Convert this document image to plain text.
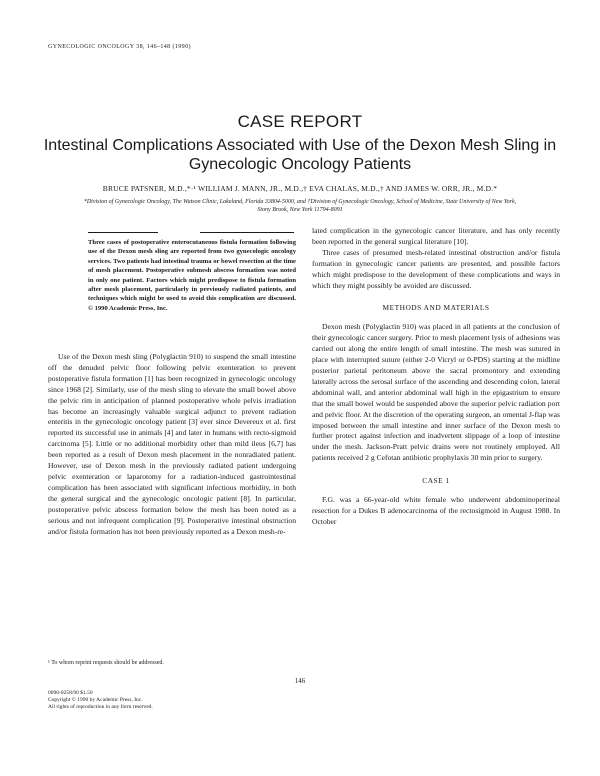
GYNECOLOGIC ONCOLOGY 38, 146–148 (1990)
CASE REPORT
Intestinal Complications Associated with Use of the Dexon Mesh Sling in Gynecologic Oncology Patients
BRUCE PATSNER, M.D.,*·¹ WILLIAM J. MANN, JR., M.D.,† EVA CHALAS, M.D.,† AND JAMES W. ORR, JR., M.D.*
*Division of Gynecologic Oncology, The Watson Clinic, Lakeland, Florida 33804-5000, and †Division of Gynecologic Oncology, School of Medicine, State University of New York, Stony Brook, New York 11794-8091

Three cases of postoperative enterocutaneous fistula formation following use of the Dexon mesh sling are reported from two gynecologic oncology services. Two patients had intestinal trauma or bowel resection at the time of mesh placement. Postoperative submesh abscess formation was noted in only one patient. Factors which might predispose to fistula formation after mesh placement, particularly in previously radiated patients, and techniques which might be used to avoid this complication are discussed. © 1990 Academic Press, Inc.

Use of the Dexon mesh sling (Polyglactin 910) to suspend the small intestine off the denuded pelvic floor following pelvic exenteration to prevent postoperative fistula formation [1] has been recognized in gynecologic oncology since 1968 [2]. Similarly, use of the mesh sling to elevate the small bowel above the pelvic rim in anticipation of planned postoperative whole pelvis irradiation has become an increasingly valuable surgical adjunct to prevent radiation enteritis in the gynecologic oncology patient [3] ever since Devereux et al. first reported its successful use in animals [4] and later in humans with recto-sigmoid carcinoma [5]. Little or no additional morbidity other than mild ileus [6,7] has been reported as a result of Dexon mesh placement in the nonradiated patient. However, use of Dexon mesh in the previously radiated patient undergoing pelvic exenteration or laparotomy for a radiation-induced gastrointestinal complication has been associated with significant infectious morbidity, in both the general surgical and the gynecologic oncologic patient [8]. In particular, postoperative pelvic abscess formation below the mesh has been noted as a serious and not infrequent complication [9]. Postoperative intestinal obstruction and/or fistula formation has not been previously reported as a Dexon mesh-re-

lated complication in the gynecologic cancer literature, and has only recently been reported in the general surgical literature [10].

Three cases of presumed mesh-related intestinal obstruction and/or fistula formation in gynecologic cancer patients are presented, and possible factors which might predispose to the development of these complications and ways in which they might possibly be avoided are discussed.

METHODS AND MATERIALS

Dexon mesh (Polyglactin 910) was placed in all patients at the conclusion of their gynecologic cancer surgery. Prior to mesh placement lysis of adhesions was carried out along the entire length of small intestine. The mesh was sutured in place with interrupted suture (either 2-0 Vicryl or 0-PDS) starting at the midline posterior parietal peritoneum above the sacral promontory and extending laterally across the serosal surface of the ascending and descending colon, lateral abdominal wall, and anterior abdominal wall high in the epigastrium to ensure that the small bowel would be suspended above the superior pelvic radiation port and pelvic floor. At the discretion of the operating surgeon, an omental J-flap was imposed between the small intestine and inner surface of the Dexon mesh to further protect against infection and inadvertent slippage of a loop of intestine under the mesh. Jackson-Pratt pelvic drains were not routinely employed. All patients received 2 g Cefotan antibiotic prophylaxis 30 min prior to surgery.

CASE 1

F.G. was a 66-year-old white female who underwent abdominoperineal resection for a Dukes B adenocarcinoma of the rectosigmoid in August 1988. In October

¹ To whom reprint requests should be addressed.
146
0090-8258/90 $1.50
Copyright © 1990 by Academic Press, Inc.
All rights of reproduction in any form reserved.
